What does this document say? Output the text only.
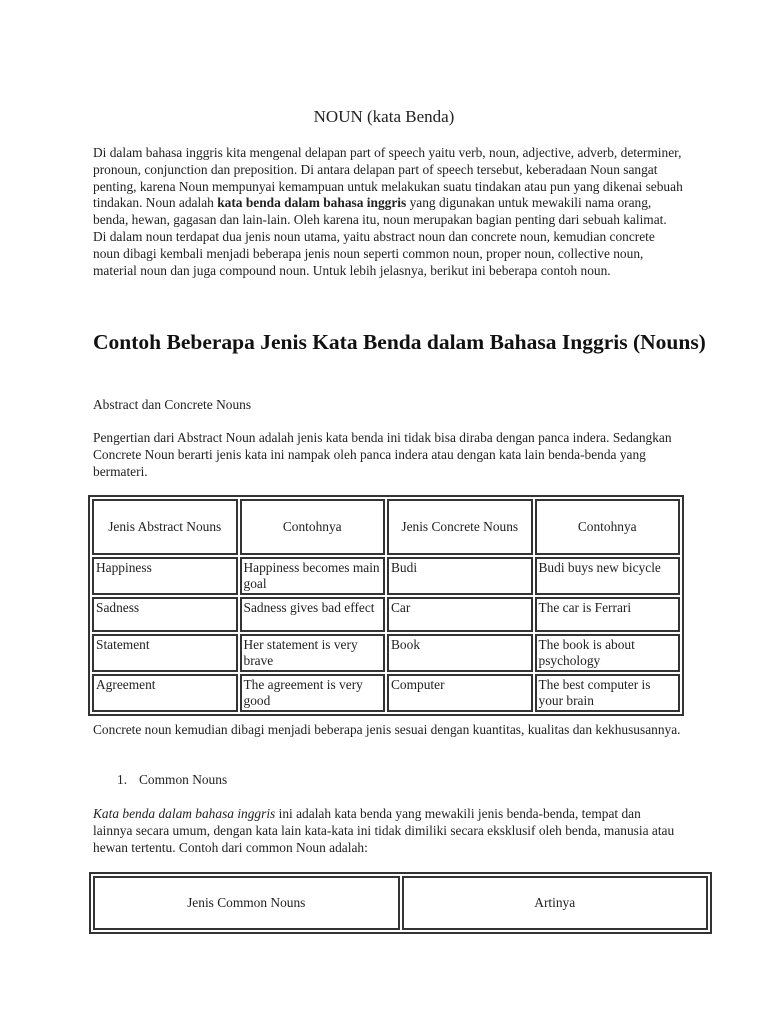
NOUN (kata Benda)

Di dalam bahasa inggris kita mengenal delapan part of speech yaitu verb, noun, adjective, adverb, determiner, pronoun, conjunction dan preposition. Di antara delapan part of speech tersebut, keberadaan Noun sangat penting, karena Noun mempunyai kemampuan untuk melakukan suatu tindakan atau pun yang dikenai sebuah tindakan. Noun adalah kata benda dalam bahasa inggris yang digunakan untuk mewakili nama orang, benda, hewan, gagasan dan lain-lain. Oleh karena itu, noun merupakan bagian penting dari sebuah kalimat. Di dalam noun terdapat dua jenis noun utama, yaitu abstract noun dan concrete noun, kemudian concrete noun dibagi kembali menjadi beberapa jenis noun seperti common noun, proper noun, collective noun, material noun dan juga compound noun. Untuk lebih jelasnya, berikut ini beberapa contoh noun.

Contoh Beberapa Jenis Kata Benda dalam Bahasa Inggris (Nouns)
Abstract dan Concrete Nouns

Pengertian dari Abstract Noun adalah jenis kata benda ini tidak bisa diraba dengan panca indera. Sedangkan Concrete Noun berarti jenis kata ini nampak oleh panca indera atau dengan kata lain benda-benda yang bermateri.

Jenis Abstract Nouns	Contohnya	Jenis Concrete Nouns	Contohnya
Happiness	Happiness becomes main goal	Budi	Budi buys new bicycle
Sadness	Sadness gives bad effect	Car	The car is Ferrari
Statement	Her statement is very brave	Book	The book is about psychology
Agreement	The agreement is very good	Computer	The best computer is your brain

Concrete noun kemudian dibagi menjadi beberapa jenis sesuai dengan kuantitas, kualitas dan kekhususannya.

1. Common Nouns

Kata benda dalam bahasa inggris ini adalah kata benda yang mewakili jenis benda-benda, tempat dan lainnya secara umum, dengan kata lain kata-kata ini tidak dimiliki secara eksklusif oleh benda, manusia atau hewan tertentu. Contoh dari common Noun adalah:

Jenis Common Nouns	Artinya
